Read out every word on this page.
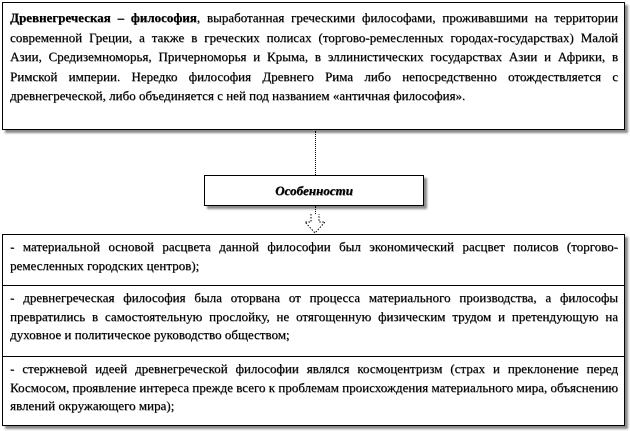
Древнегреческая – философия, выработанная греческими философами, проживавшими на территории современной Греции, а также в греческих полисах (торгово-ремесленных городах-государствах) Малой Азии, Средиземноморья, Причерноморья и Крыма, в эллинистических государствах Азии и Африки, в Римской империи. Нередко философия Древнего Рима либо непосредственно отождествляется с древнегреческой, либо объединяется с ней под названием «античная философия».
Особенности
- материальной основой расцвета данной философии был экономический расцвет полисов (торгово-ремесленных городских центров);
- древнегреческая философия была оторвана от процесса материального производства, а философы превратились в самостоятельную прослойку, не отягощенную физическим трудом и претендующую на духовное и политическое руководство обществом;
- стержневой идеей древнегреческой философии являлся космоцентризм (страх и преклонение перед Космосом, проявление интереса прежде всего к проблемам происхождения материального мира, объяснению явлений окружающего мира);
